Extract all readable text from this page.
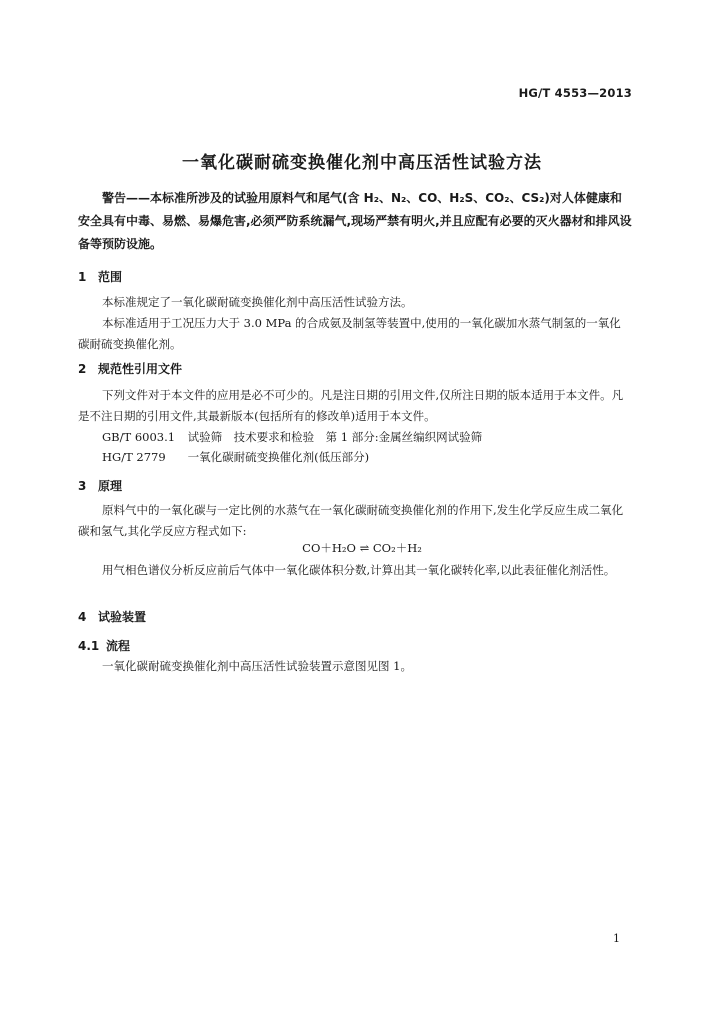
HG/T 4553—2013
一氧化碳耐硫变换催化剂中高压活性试验方法
警告——本标准所涉及的试验用原料气和尾气(含 H₂、N₂、CO、H₂S、CO₂、CS₂)对人体健康和安全具有中毒、易燃、易爆危害,必须严防系统漏气,现场严禁有明火,并且应配有必要的灭火器材和排风设备等预防设施。
1 范围
本标准规定了一氧化碳耐硫变换催化剂中高压活性试验方法。
本标准适用于工况压力大于 3.0 MPa 的合成氨及制氢等装置中,使用的一氧化碳加水蒸气制氢的一氧化碳耐硫变换催化剂。
2 规范性引用文件
下列文件对于本文件的应用是必不可少的。凡是注日期的引用文件,仅所注日期的版本适用于本文件。凡是不注日期的引用文件,其最新版本(包括所有的修改单)适用于本文件。
GB/T 6003.1 试验筛　技术要求和检验　第 1 部分:金属丝编织网试验筛
HG/T 2779 一氧化碳耐硫变换催化剂(低压部分)
3 原理
原料气中的一氧化碳与一定比例的水蒸气在一氧化碳耐硫变换催化剂的作用下,发生化学反应生成二氧化碳和氢气,其化学反应方程式如下:
CO＋H₂O ⇌ CO₂＋H₂
用气相色谱仪分析反应前后气体中一氧化碳体积分数,计算出其一氧化碳转化率,以此表征催化剂活性。
4 试验装置
4.1 流程
一氧化碳耐硫变换催化剂中高压活性试验装置示意图见图 1。
1
